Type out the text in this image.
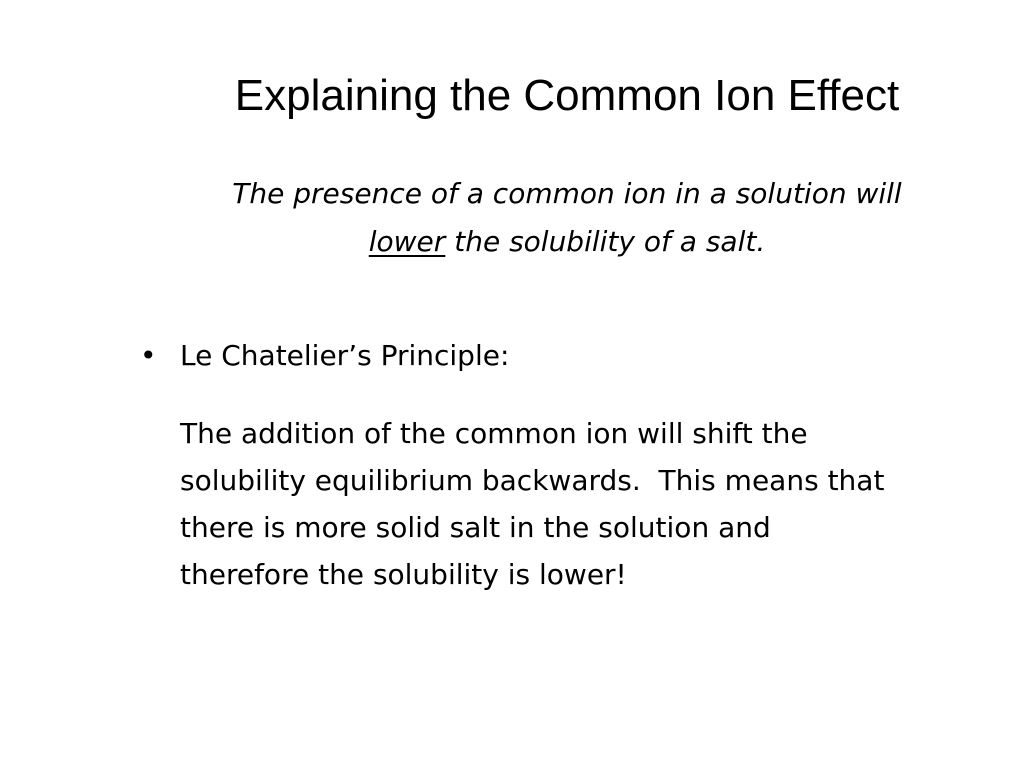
Explaining the Common Ion Effect
The presence of a common ion in a solution will
lower the solubility of a salt.
• Le Chatelier’s Principle:
The addition of the common ion will shift the
solubility equilibrium backwards.  This means that
there is more solid salt in the solution and
therefore the solubility is lower!
